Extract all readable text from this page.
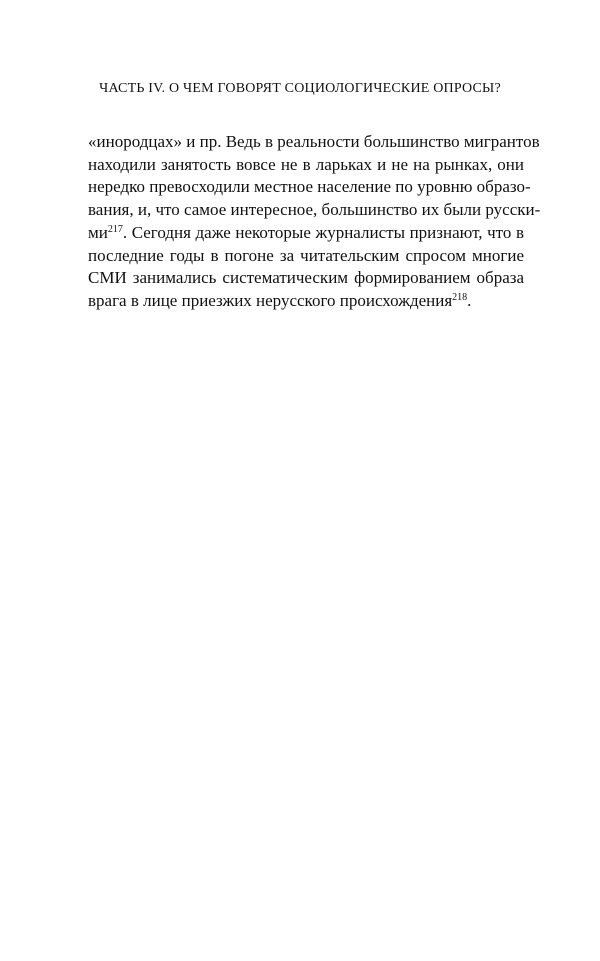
ЧАСТЬ IV. О ЧЕМ ГОВОРЯТ СОЦИОЛОГИЧЕСКИЕ ОПРОСЫ?
«инородцах» и пр. Ведь в реальности большинство мигрантов
находили занятость вовсе не в ларьках и не на рынках, они
нередко превосходили местное население по уровню образо-
вания, и, что самое интересное, большинство их были русски-
$ми^{217}$. Сегодня даже некоторые журналисты признают, что в
последние годы в погоне за читательским спросом многие
СМИ занимались систематическим формированием образа
врага в лице приезжих нерусского происхождения$^{218}$.
